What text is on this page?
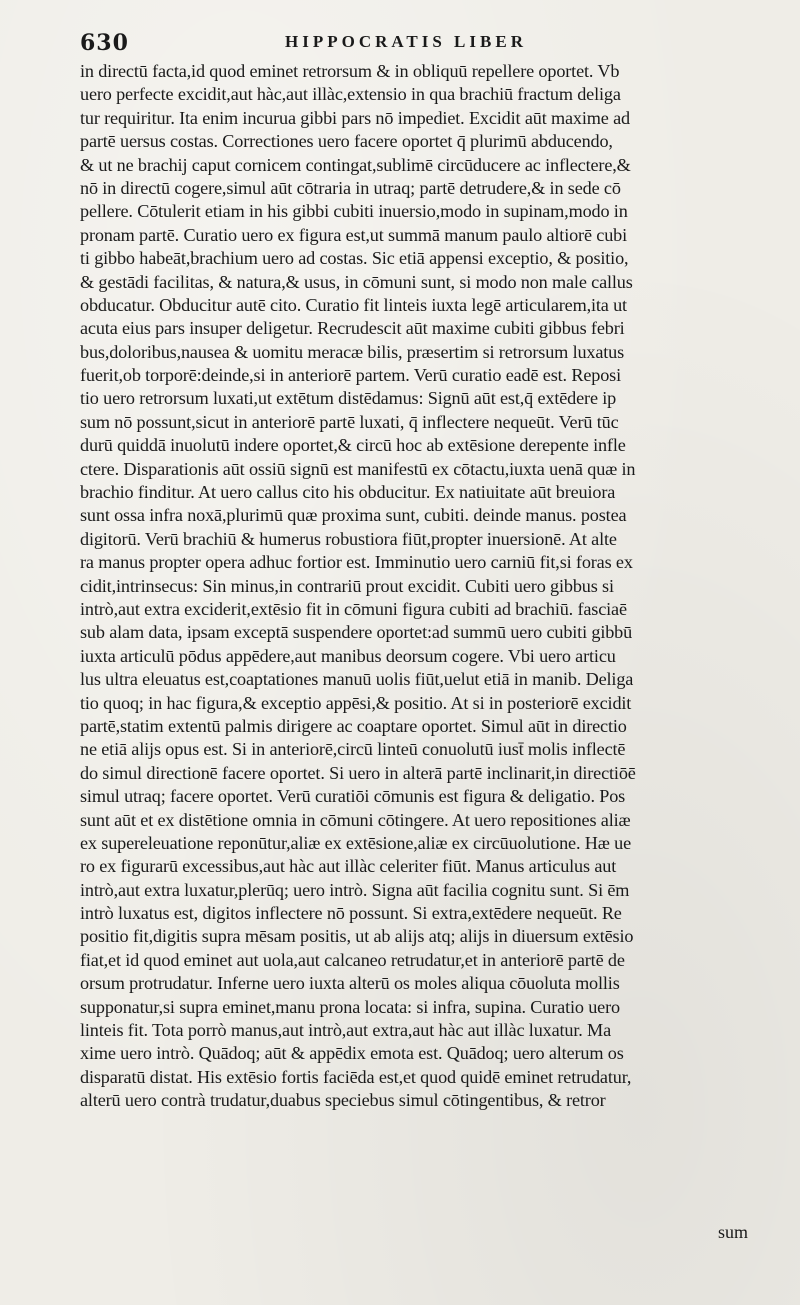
630	HIPPOCRATIS LIBER
in directū facta,id quod eminet retrorsum & in obliquū repellere oportet. Vb
uero perfecte excidit,aut hàc,aut illàc,extensio in qua brachiū fractum deliga
tur requiritur. Ita enim incurua gibbi pars nō impediet. Excidit aūt maxime ad
partē uersus costas. Correctiones uero facere oportet q̄ plurimū abducendo,
& ut ne brachij caput cornicem contingat,sublimē circūducere ac inflectere,&
nō in directū cogere,simul aūt cōtraria in utraq; partē detrudere,& in sede cō
pellere. Cōtulerit etiam in his gibbi cubiti inuersio,modo in supinam,modo in
pronam partē. Curatio uero ex figura est,ut summā manum paulo altiorē cubi
ti gibbo habeāt,brachium uero ad costas. Sic etiā appensi exceptio, & positio,
& gestādi facilitas, & natura,& usus, in cōmuni sunt, si modo non male callus
obducatur. Obducitur autē cito. Curatio fit linteis iuxta legē articularem,ita ut
acuta eius pars insuper deligetur. Recrudescit aūt maxime cubiti gibbus febri
bus,doloribus,nausea & uomitu meracæ bilis, præsertim si retrorsum luxatus
fuerit,ob torporē:deinde,si in anteriorē partem. Verū curatio eadē est. Reposi
tio uero retrorsum luxati,ut extētum distēdamus: Signū aūt est,q̄ extēdere ip
sum nō possunt,sicut in anteriorē partē luxati, q̄ inflectere nequeūt. Verū tūc
durū quiddā inuolutū indere oportet,& circū hoc ab extēsione derepente infle
ctere. Disparationis aūt ossiū signū est manifestū ex cōtactu,iuxta uenā quæ in
brachio finditur. At uero callus cito his obducitur. Ex natiuitate aūt breuiora
sunt ossa infra noxā,plurimū quæ proxima sunt, cubiti. deinde manus. postea
digitorū. Verū brachiū & humerus robustiora fiūt,propter inuersionē. At alte
ra manus propter opera adhuc fortior est. Imminutio uero carniū fit,si foras ex
cidit,intrinsecus: Sin minus,in contrariū prout excidit. Cubiti uero gibbus si
intrò,aut extra exciderit,extēsio fit in cōmuni figura cubiti ad brachiū. fasciaē
sub alam data, ipsam exceptā suspendere oportet:ad summū uero cubiti gibbū
iuxta articulū pōdus appēdere,aut manibus deorsum cogere. Vbi uero articu
lus ultra eleuatus est,coaptationes manuū uolis fiūt,uelut etiā in manib. Deliga
tio quoq; in hac figura,& exceptio appēsi,& positio. At si in posteriorē excidit
partē,statim extentū palmis dirigere ac coaptare oportet. Simul aūt in directio
ne etiā alijs opus est. Si in anteriorē,circū linteū conuolutū iust̄ molis inflectē
do simul directionē facere oportet. Si uero in alterā partē inclinarit,in directiōē
simul utraq; facere oportet. Verū curatiōi cōmunis est figura & deligatio. Pos
sunt aūt et ex distētione omnia in cōmuni cōtingere. At uero repositiones aliæ
ex supereleuatione reponūtur,aliæ ex extēsione,aliæ ex circūuolutione. Hæ ue
ro ex figurarū excessibus,aut hàc aut illàc celeriter fiūt. Manus articulus aut
intrò,aut extra luxatur,plerūq; uero intrò. Signa aūt facilia cognitu sunt. Si ēm
intrò luxatus est, digitos inflectere nō possunt. Si extra,extēdere nequeūt. Re
positio fit,digitis supra mēsam positis, ut ab alijs atq; alijs in diuersum extēsio
fiat,et id quod eminet aut uola,aut calcaneo retrudatur,et in anteriorē partē de
orsum protrudatur. Inferne uero iuxta alterū os moles aliqua cōuoluta mollis
supponatur,si supra eminet,manu prona locata: si infra, supina. Curatio uero
linteis fit. Tota porrò manus,aut intrò,aut extra,aut hàc aut illàc luxatur. Ma
xime uero intrò. Quādoq; aūt & appēdix emota est. Quādoq; uero alterum os
disparatū distat. His extēsio fortis faciēda est,et quod quidē eminet retrudatur,
alterū uero contrà trudatur,duabus speciebus simul cōtingentibus, & retror
sum
